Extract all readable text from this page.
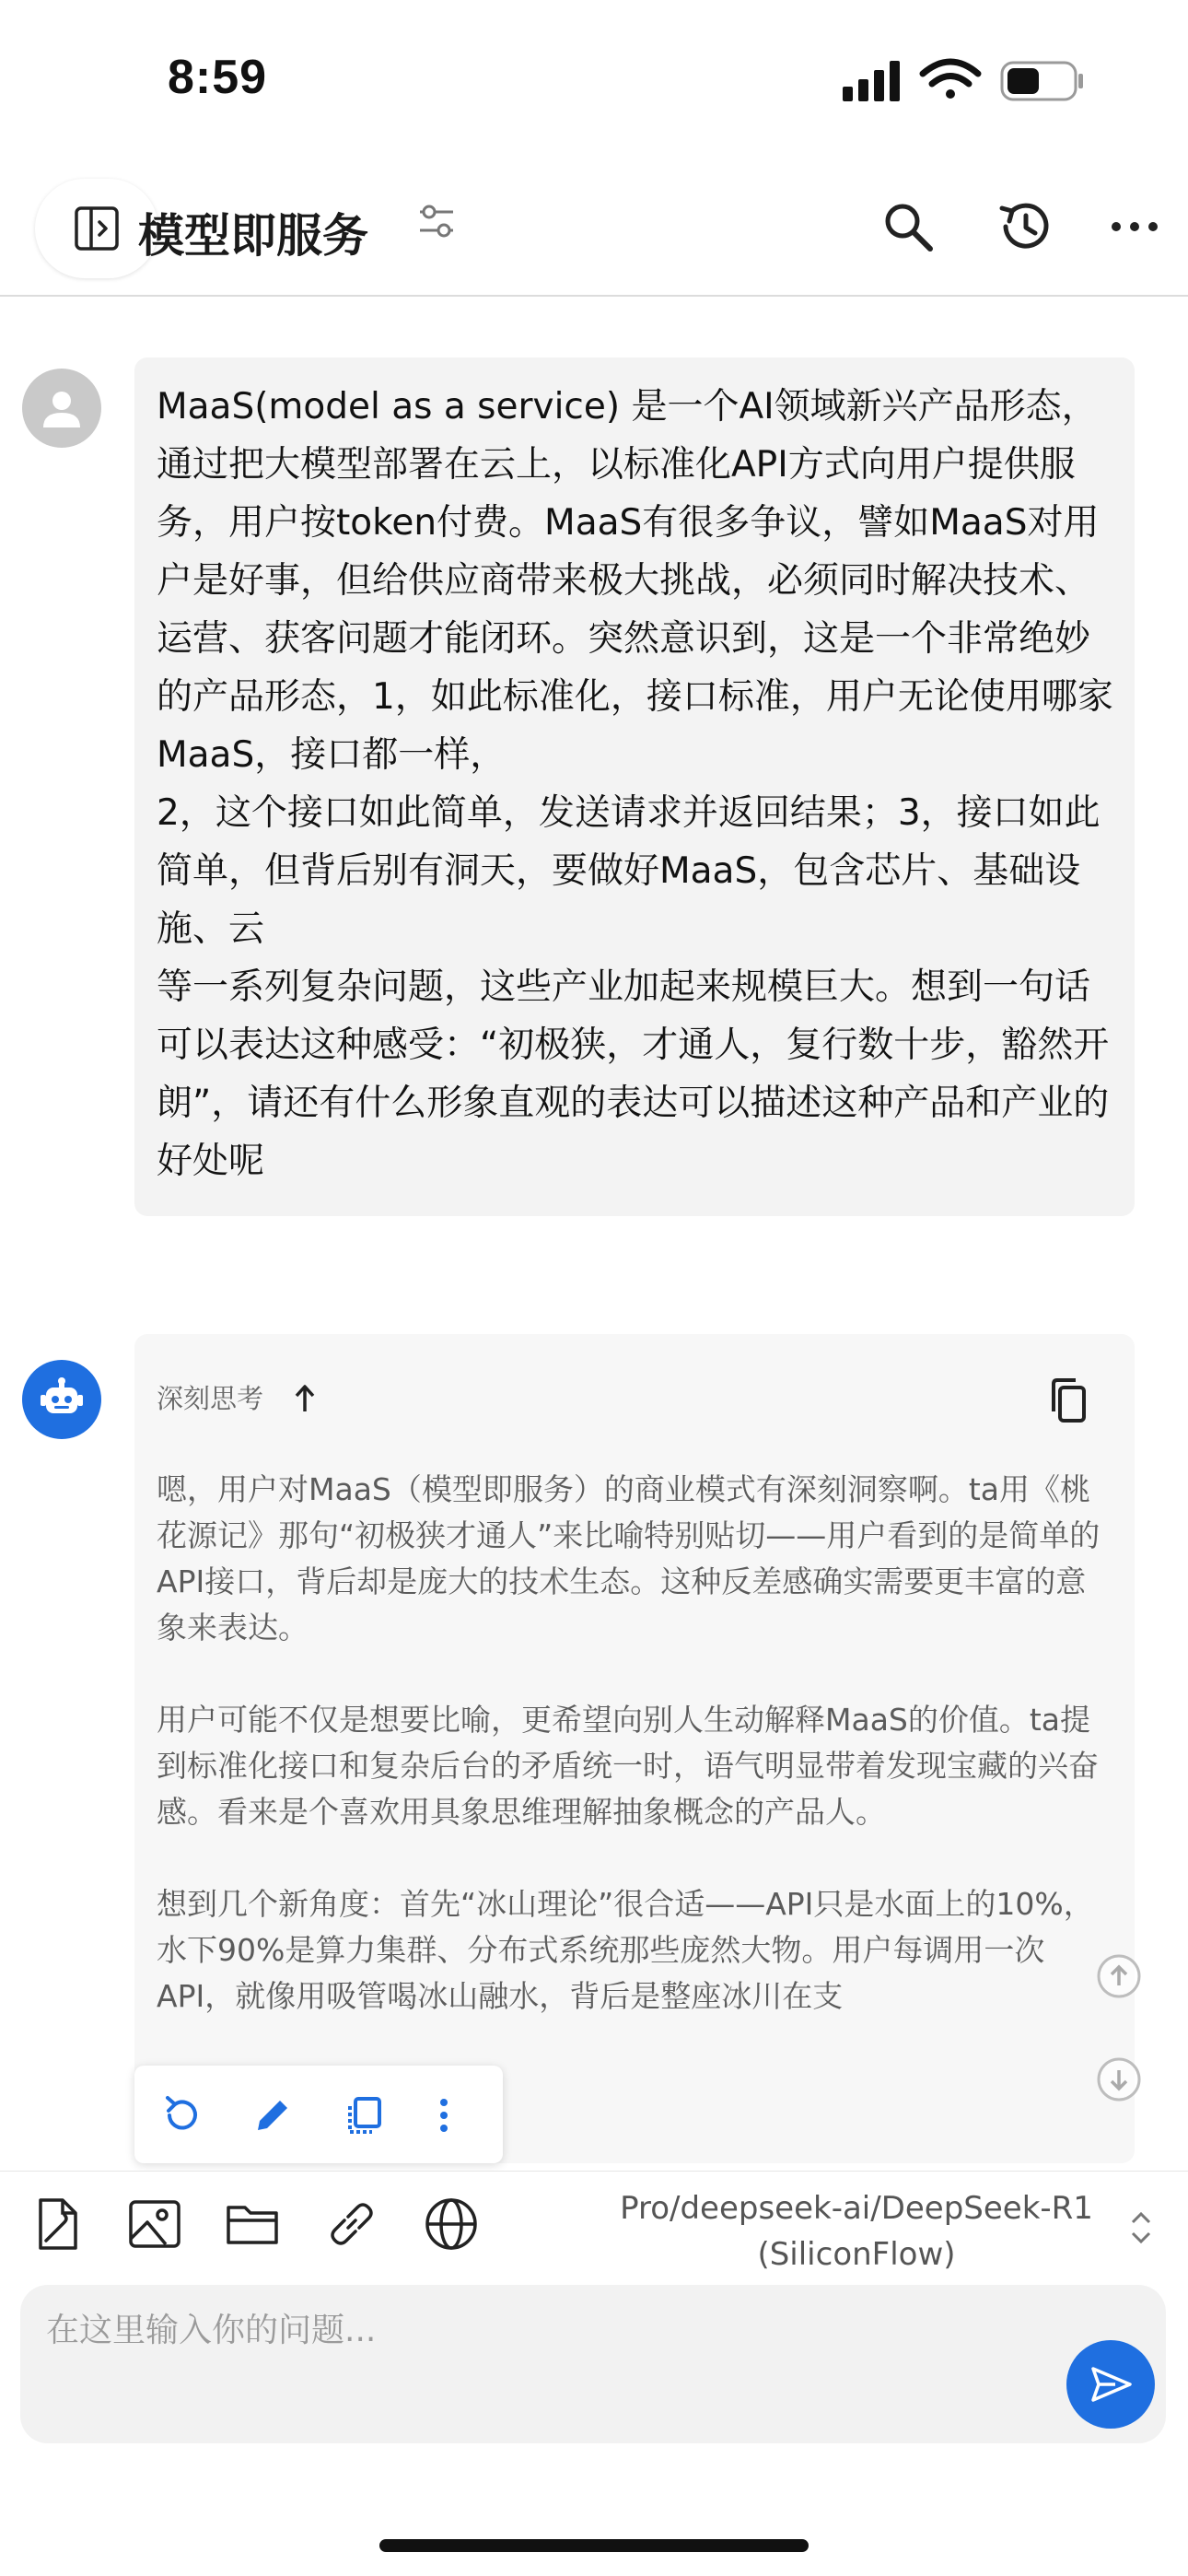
8:59
模型即服务
MaaS(model as a service) 是一个AI领域新兴产品形态，通过把大模型部署在云上，以标准化API方式向用户提供服务，用户按token付费。MaaS有很多争议，譬如MaaS对用户是好事，但给供应商带来极大挑战，必须同时解决技术、运营、获客问题才能闭环。突然意识到，这是一个非常绝妙的产品形态，1，如此标准化，接口标准，用户无论使用哪家MaaS，接口都一样，
2，这个接口如此简单，发送请求并返回结果；3，接口如此简单，但背后别有洞天，要做好MaaS，包含芯片、基础设施、云
等一系列复杂问题，这些产业加起来规模巨大。想到一句话可以表达这种感受：“初极狭，才通人，复行数十步，豁然开朗”，请还有什么形象直观的表达可以描述这种产品和产业的好处呢
深刻思考
嗯，用户对MaaS（模型即服务）的商业模式有深刻洞察啊。ta用《桃花源记》那句“初极狭才通人”来比喻特别贴切——用户看到的是简单的API接口，背后却是庞大的技术生态。这种反差感确实需要更丰富的意象来表达。

用户可能不仅是想要比喻，更希望向别人生动解释MaaS的价值。ta提到标准化接口和复杂后台的矛盾统一时，语气明显带着发现宝藏的兴奋感。看来是个喜欢用具象思维理解抽象概念的产品人。

想到几个新角度：首先“冰山理论”很合适——API只是水面上的10%，水下90%是算力集群、分布式系统那些庞然大物。用户每调用一次API，就像用吸管喝冰山融水，背后是整座冰川在支
Pro/deepseek-ai/DeepSeek-R1
(SiliconFlow)
在这里输入你的问题...
